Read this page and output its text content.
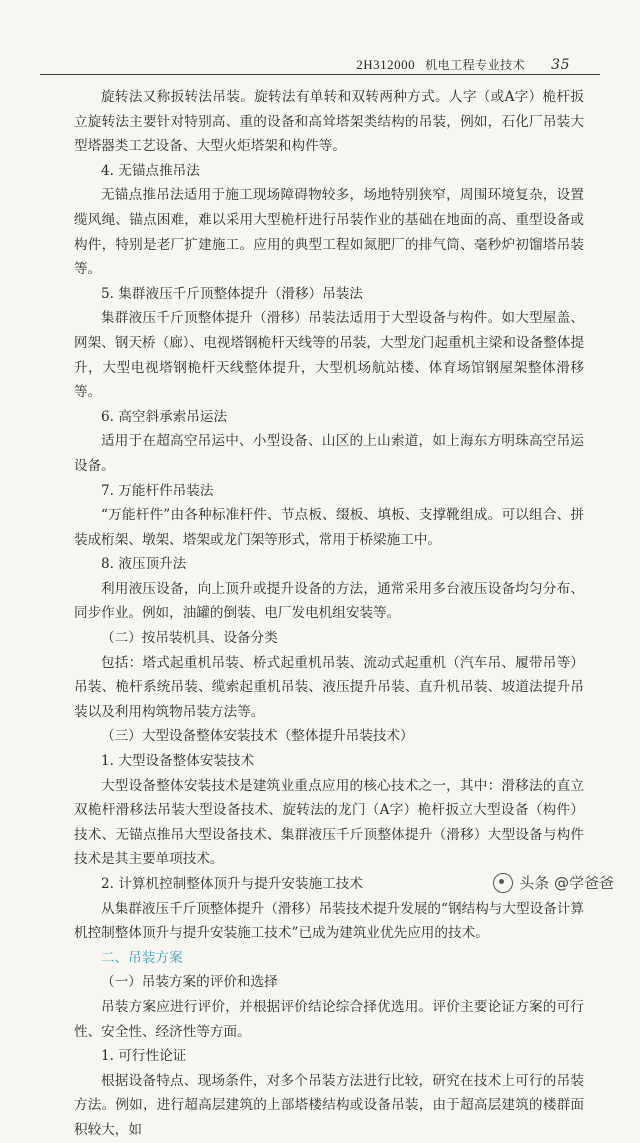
2H312000 机电工程专业技术 35

旋转法又称扳转法吊装。旋转法有单转和双转两种方式。人字（或A字）桅杆扳立旋转法主要针对特别高、重的设备和高耸塔架类结构的吊装，例如，石化厂吊装大型塔器类工艺设备、大型火炬塔架和构件等。

4. 无锚点推吊法

无锚点推吊法适用于施工现场障碍物较多，场地特别狭窄，周围环境复杂，设置缆风绳、锚点困难，难以采用大型桅杆进行吊装作业的基础在地面的高、重型设备或构件，特别是老厂扩建施工。应用的典型工程如氮肥厂的排气筒、毫秒炉初馏塔吊装等。

5. 集群液压千斤顶整体提升（滑移）吊装法

集群液压千斤顶整体提升（滑移）吊装法适用于大型设备与构件。如大型屋盖、网架、钢天桥（廊）、电视塔钢桅杆天线等的吊装，大型龙门起重机主梁和设备整体提升，大型电视塔钢桅杆天线整体提升，大型机场航站楼、体育场馆钢屋架整体滑移等。

6. 高空斜承索吊运法

适用于在超高空吊运中、小型设备、山区的上山索道，如上海东方明珠高空吊运设备。

7. 万能杆件吊装法

“万能杆件”由各种标准杆件、节点板、缀板、填板、支撑靴组成。可以组合、拼装成桁架、墩架、塔架或龙门架等形式，常用于桥梁施工中。

8. 液压顶升法

利用液压设备，向上顶升或提升设备的方法，通常采用多台液压设备均匀分布、同步作业。例如，油罐的倒装、电厂发电机组安装等。

（二）按吊装机具、设备分类

包括：塔式起重机吊装、桥式起重机吊装、流动式起重机（汽车吊、履带吊等）吊装、桅杆系统吊装、缆索起重机吊装、液压提升吊装、直升机吊装、坡道法提升吊装以及利用构筑物吊装方法等。

（三）大型设备整体安装技术（整体提升吊装技术）

1. 大型设备整体安装技术

大型设备整体安装技术是建筑业重点应用的核心技术之一，其中：滑移法的直立双桅杆滑移法吊装大型设备技术、旋转法的龙门（A字）桅杆扳立大型设备（构件）技术、无锚点推吊大型设备技术、集群液压千斤顶整体提升（滑移）大型设备与构件技术是其主要单项技术。

2. 计算机控制整体顶升与提升安装施工技术

从集群液压千斤顶整体提升（滑移）吊装技术提升发展的“钢结构与大型设备计算机控制整体顶升与提升安装施工技术”已成为建筑业优先应用的技术。

二、吊装方案

（一）吊装方案的评价和选择

吊装方案应进行评价，并根据评价结论综合择优选用。评价主要论证方案的可行性、安全性、经济性等方面。

1. 可行性论证

根据设备特点、现场条件，对多个吊装方法进行比较，研究在技术上可行的吊装方法。例如，进行超高层建筑的上部塔楼结构或设备吊装，由于超高层建筑的楼群面积较大，如

头条 @学爸爸
